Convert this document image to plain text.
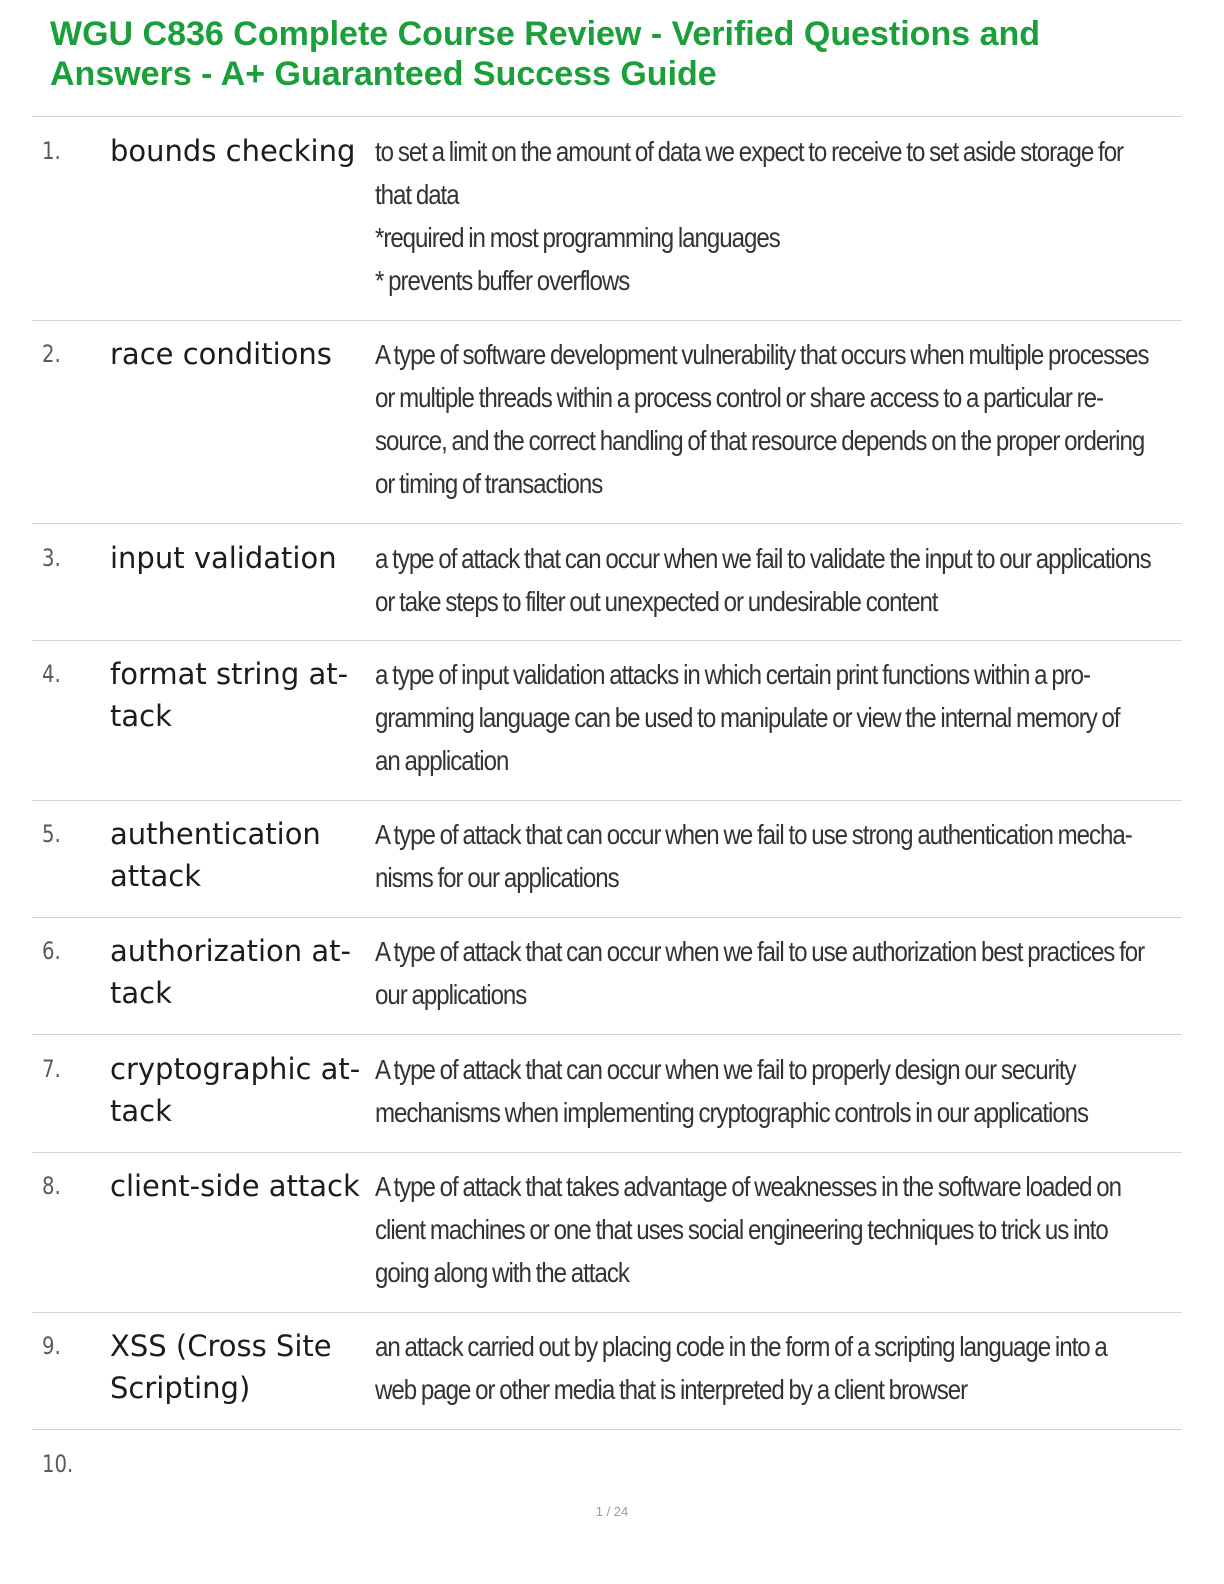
WGU C836 Complete Course Review - Verified Questions and
Answers - A+ Guaranteed Success Guide
1. bounds checking to set a limit on the amount of data we expect to receive to set aside storage for
that data
*required in most programming languages
* prevents buffer overflows
2. race conditions	A type of software development vulnerability that occurs when multiple processes
or multiple threads within a process control or share access to a particular re-
source, and the correct handling of that resource depends on the proper ordering
or timing of transactions
3. input validation	a type of attack that can occur when we fail to validate the input to our applications
or take steps to filter out unexpected or undesirable content
4. format string at-
tack
a type of input validation attacks in which certain print functions within a pro-
gramming language can be used to manipulate or view the internal memory of
an application
5. authentication
attack
A type of attack that can occur when we fail to use strong authentication mecha-
nisms for our applications
6. authorization at-
tack
A type of attack that can occur when we fail to use authorization best practices for
our applications
7. cryptographic at-
tack
A type of attack that can occur when we fail to properly design our security
mechanisms when implementing cryptographic controls in our applications
8. client-side attack A type of attack that takes advantage of weaknesses in the software loaded on
client machines or one that uses social engineering techniques to trick us into
going along with the attack
9. XSS (Cross Site
Scripting)
an attack carried out by placing code in the form of a scripting language into a
web page or other media that is interpreted by a client browser
10.
1 / 24
